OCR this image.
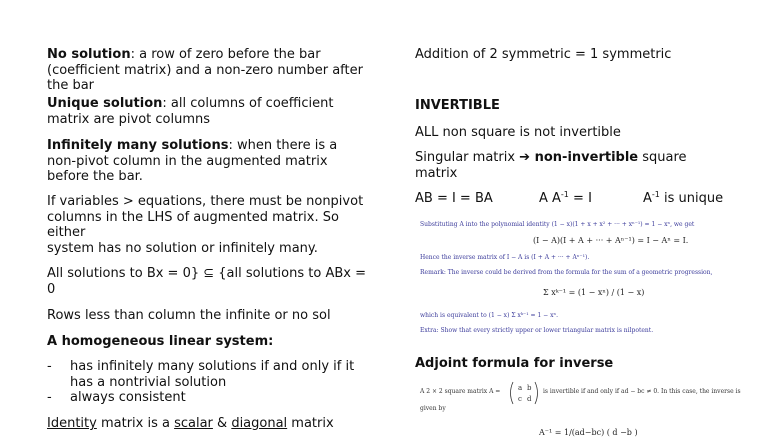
No solution: a row of zero before the bar (coefficient matrix) and a non-zero number after the bar

Unique solution: all columns of coefficient matrix are pivot columns

Infinitely many solutions: when there is a non-pivot column in the augmented matrix before the bar.

If variables > equations, there must be nonpivot columns in the LHS of augmented matrix. So either
system has no solution or infinitely many.

All solutions to Bx = 0} ⊆ {all solutions to ABx = 0

Rows less than column the infinite or no sol

A homogeneous linear system:

-	has infinitely many solutions if and only if it has a nontrivial solution
-	always consistent

Identity matrix is a scalar & diagonal matrix

Addition of 2 symmetric = 1 symmetric

INVERTIBLE

ALL non square is not invertible

Singular matrix ➔ non-invertible square matrix

AB = I = BA	A $A^{-1} = I$	$A^{-1}$ is unique
Substituting A into the polynomial identity (1 − x)(1 + x + x² + ··· + xⁿ⁻¹) = 1 − xⁿ, we get
(I − A)(I + A + ··· + Aⁿ⁻¹) = I − Aⁿ = I.
Hence the inverse matrix of I − A is (I + A + ··· + Aⁿ⁻¹).
Remark: The inverse could be derived from the formula for the sum of a geometric progression,
Σ xᵏ⁻¹ = (1 − xⁿ) / (1 − x)
which is equivalent to (1 − x) Σ xᵏ⁻¹ = 1 − xⁿ.
Extra: Show that every strictly upper or lower triangular matrix is nilpotent.

Adjoint formula for inverse

A 2 × 2 square matrix A =	a b
c d
is invertible if and only if ad − bc ≠ 0. In this case, the inverse is
given by
A⁻¹ = 1/(ad−bc) ( d −b )
